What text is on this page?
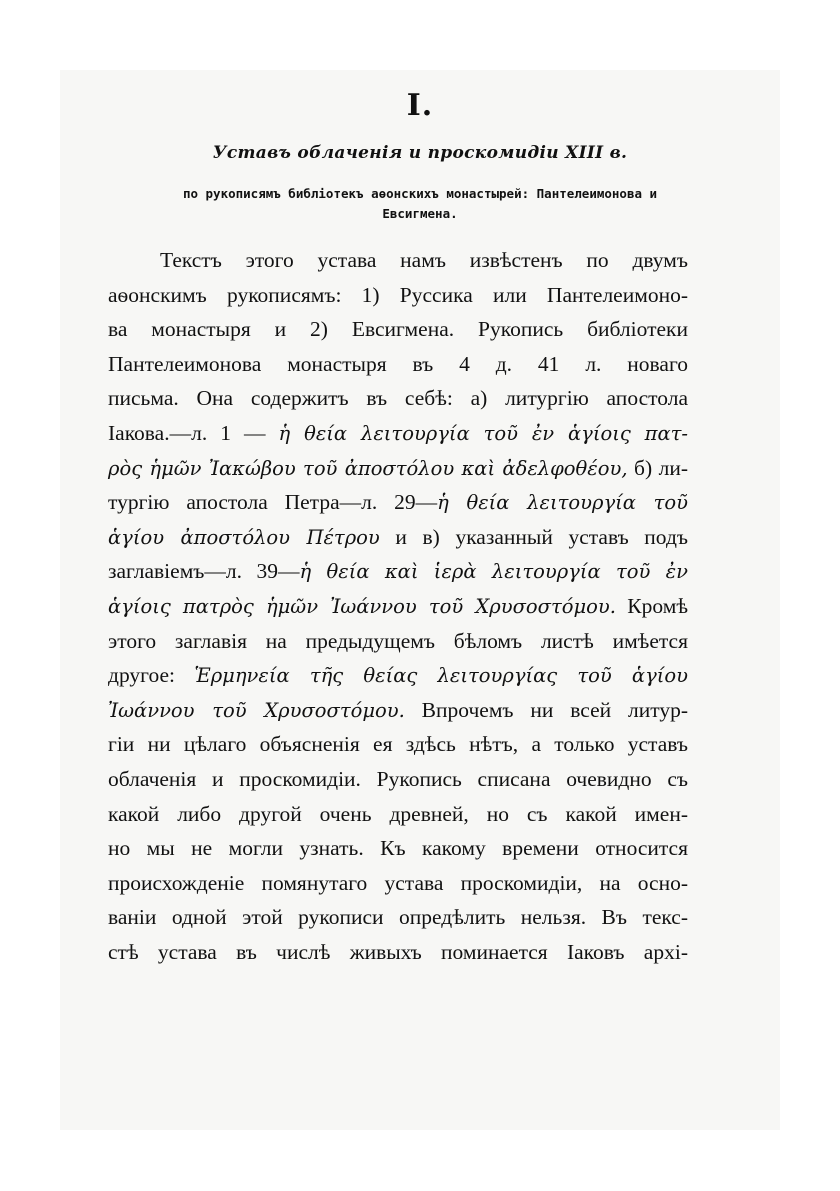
I.
Уставъ облаченія и проскомидіи XIII в.
по рукописямъ библіотекъ аѳонскихъ монастырей: Пантелеимонова и
Евсигмена.
Текстъ этого устава намъ извѣстенъ по двумъ
аѳонскимъ рукописямъ: 1) Руссика или Пантелеимоно-
ва монастыря и 2) Евсигмена. Рукопись библіотеки
Пантелеимонова монастыря въ 4 д. 41 л. новаго
письма. Она содержитъ въ себѣ: а) литургію апостола
Іакова.—л. 1 — ἡ θεία λειτουργία τοῦ ἐν ἁγίοις πατ-
ρὸς ἡμῶν Ἰακώβου τοῦ ἀποστόλου καὶ ἀδελφοθέου, б) ли-
тургію апостола Петра—л. 29—ἡ θεία λειτουργία τοῦ
ἁγίου ἀποστόλου Πέτρου и в) указанный уставъ подъ
заглавіемъ—л. 39—ἡ θεία καὶ ἱερὰ λειτουργία τοῦ ἐν
ἁγίοις πατρὸς ἡμῶν Ἰωάννου τοῦ Χρυσοστόμου. Кромѣ
этого заглавія на предыдущемъ бѣломъ листѣ имѣется
другое: Ἑρμηνεία τῆς θείας λειτουργίας τοῦ ἁγίου
Ἰωάννου τοῦ Χρυσοστόμου. Впрочемъ ни всей литур-
гіи ни цѣлаго объясненія ея здѣсь нѣтъ, а только уставъ
облаченія и проскомидіи. Рукопись списана очевидно съ
какой либо другой очень древней, но съ какой имен-
но мы не могли узнать. Къ какому времени относится
происхожденіе помянутаго устава проскомидіи, на осно-
ваніи одной этой рукописи опредѣлить нельзя. Въ текс-
стѣ устава въ числѣ живыхъ поминается Іаковъ архі-
